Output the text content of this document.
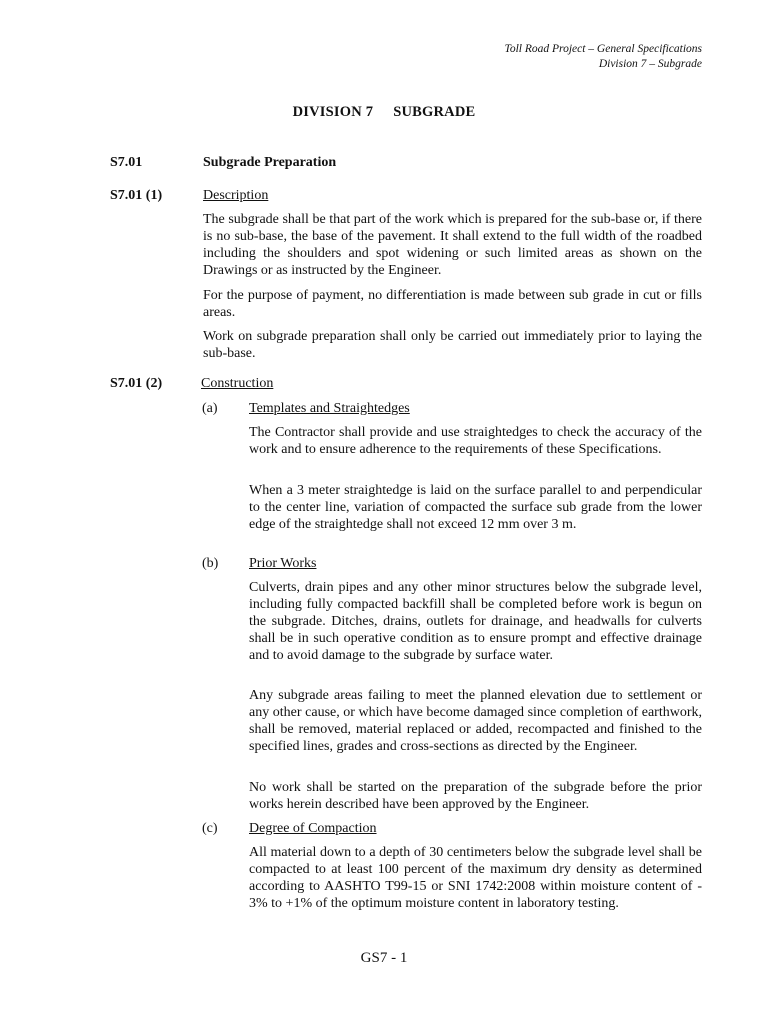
Toll Road Project – General Specifications
Division 7 – Subgrade
DIVISION 7 SUBGRADE
S7.01	Subgrade Preparation
S7.01 (1)	Description

The subgrade shall be that part of the work which is prepared for the sub-base or, if there is no sub-base, the base of the pavement. It shall extend to the full width of the roadbed including the shoulders and spot widening or such limited areas as shown on the Drawings or as instructed by the Engineer.

For the purpose of payment, no differentiation is made between sub grade in cut or fills areas.

Work on subgrade preparation shall only be carried out immediately prior to laying the sub-base.

S7.01 (2)	Construction
(a) Templates and Straightedges

The Contractor shall provide and use straightedges to check the accuracy of the work and to ensure adherence to the requirements of these Specifications.

When a 3 meter straightedge is laid on the surface parallel to and perpendicular to the center line, variation of compacted the surface sub grade from the lower edge of the straightedge shall not exceed 12 mm over 3 m.

(b) Prior Works

Culverts, drain pipes and any other minor structures below the subgrade level, including fully compacted backfill shall be completed before work is begun on the subgrade. Ditches, drains, outlets for drainage, and headwalls for culverts shall be in such operative condition as to ensure prompt and effective drainage and to avoid damage to the subgrade by surface water.

Any subgrade areas failing to meet the planned elevation due to settlement or any other cause, or which have become damaged since completion of earthwork, shall be removed, material replaced or added, recompacted and finished to the specified lines, grades and cross-sections as directed by the Engineer.

No work shall be started on the preparation of the subgrade before the prior works herein described have been approved by the Engineer.

(c) Degree of Compaction

All material down to a depth of 30 centimeters below the subgrade level shall be compacted to at least 100 percent of the maximum dry density as determined according to AASHTO T99-15 or SNI 1742:2008 within moisture content of - 3% to +1% of the optimum moisture content in laboratory testing.

GS7 - 1
